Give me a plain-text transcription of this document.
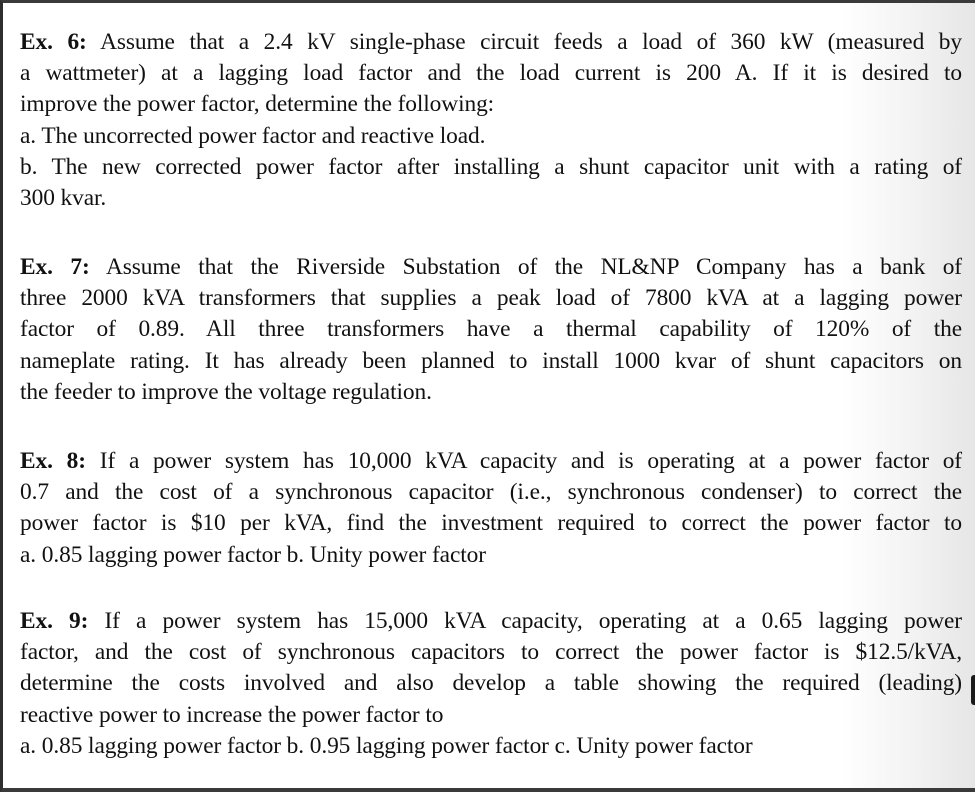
Ex. 6: Assume that a 2.4 kV single-phase circuit feeds a load of 360 kW (measured by
a wattmeter) at a lagging load factor and the load current is 200 A. If it is desired to
improve the power factor, determine the following:
a. The uncorrected power factor and reactive load.
b. The new corrected power factor after installing a shunt capacitor unit with a rating of
300 kvar.
Ex. 7: Assume that the Riverside Substation of the NL&NP Company has a bank of
three 2000 kVA transformers that supplies a peak load of 7800 kVA at a lagging power
factor of 0.89. All three transformers have a thermal capability of 120% of the
nameplate rating. It has already been planned to install 1000 kvar of shunt capacitors on
the feeder to improve the voltage regulation.
Ex. 8: If a power system has 10,000 kVA capacity and is operating at a power factor of
0.7 and the cost of a synchronous capacitor (i.e., synchronous condenser) to correct the
power factor is $10 per kVA, find the investment required to correct the power factor to
a. 0.85 lagging power factor b. Unity power factor
Ex. 9: If a power system has 15,000 kVA capacity, operating at a 0.65 lagging power
factor, and the cost of synchronous capacitors to correct the power factor is $12.5/kVA,
determine the costs involved and also develop a table showing the required (leading)
reactive power to increase the power factor to
a. 0.85 lagging power factor b. 0.95 lagging power factor c. Unity power factor
